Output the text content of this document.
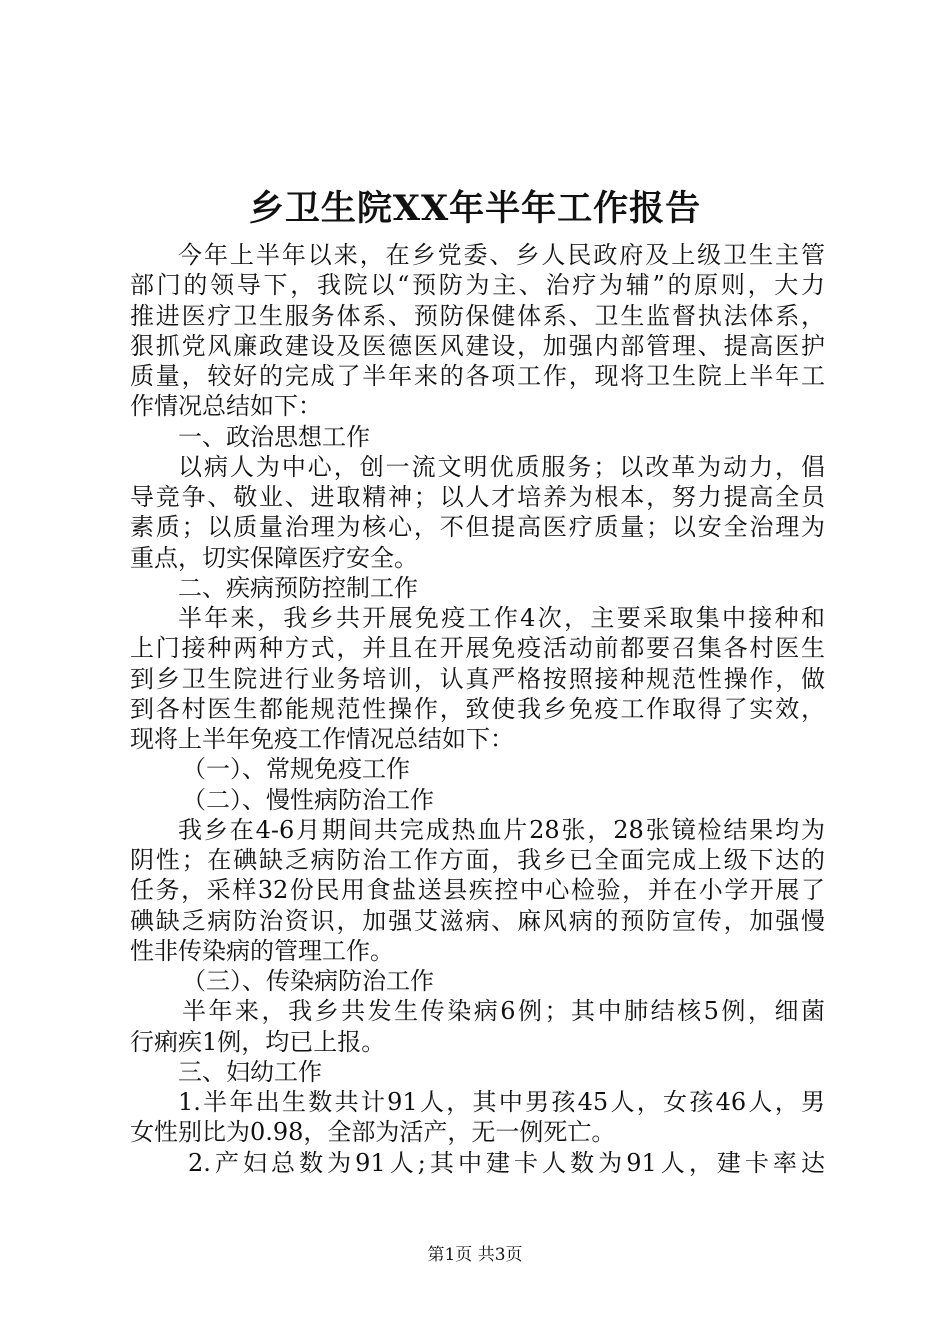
乡卫生院XX年半年工作报告
今年上半年以来，在乡党委、乡人民政府及上级卫生主管
部门的领导下，我院以“预防为主、治疗为辅”的原则，大力
推进医疗卫生服务体系、预防保健体系、卫生监督执法体系，
狠抓党风廉政建设及医德医风建设，加强内部管理、提高医护
质量，较好的完成了半年来的各项工作，现将卫生院上半年工
作情况总结如下：
一、政治思想工作
以病人为中心，创一流文明优质服务；以改革为动力，倡
导竞争、敬业、进取精神；以人才培养为根本，努力提高全员
素质；以质量治理为核心，不但提高医疗质量；以安全治理为
重点，切实保障医疗安全。
二、疾病预防控制工作
半年来，我乡共开展免疫工作4次，主要采取集中接种和
上门接种两种方式，并且在开展免疫活动前都要召集各村医生
到乡卫生院进行业务培训，认真严格按照接种规范性操作，做
到各村医生都能规范性操作，致使我乡免疫工作取得了实效，
现将上半年免疫工作情况总结如下：
（一）、常规免疫工作
（二）、慢性病防治工作
我乡在4-6月期间共完成热血片28张，28张镜检结果均为
阴性；在碘缺乏病防治工作方面，我乡已全面完成上级下达的
任务，采样32份民用食盐送县疾控中心检验，并在小学开展了
碘缺乏病防治资识，加强艾滋病、麻风病的预防宣传，加强慢
性非传染病的管理工作。
（三）、传染病防治工作
半年来，我乡共发生传染病6例；其中肺结核5例，细菌
行痢疾1例，均已上报。
三、妇幼工作
1.半年出生数共计91人，其中男孩45人，女孩46人，男
女性别比为0.98，全部为活产，无一例死亡。
2.产妇总数为91人;其中建卡人数为91人，建卡率达
第1页 共3页
